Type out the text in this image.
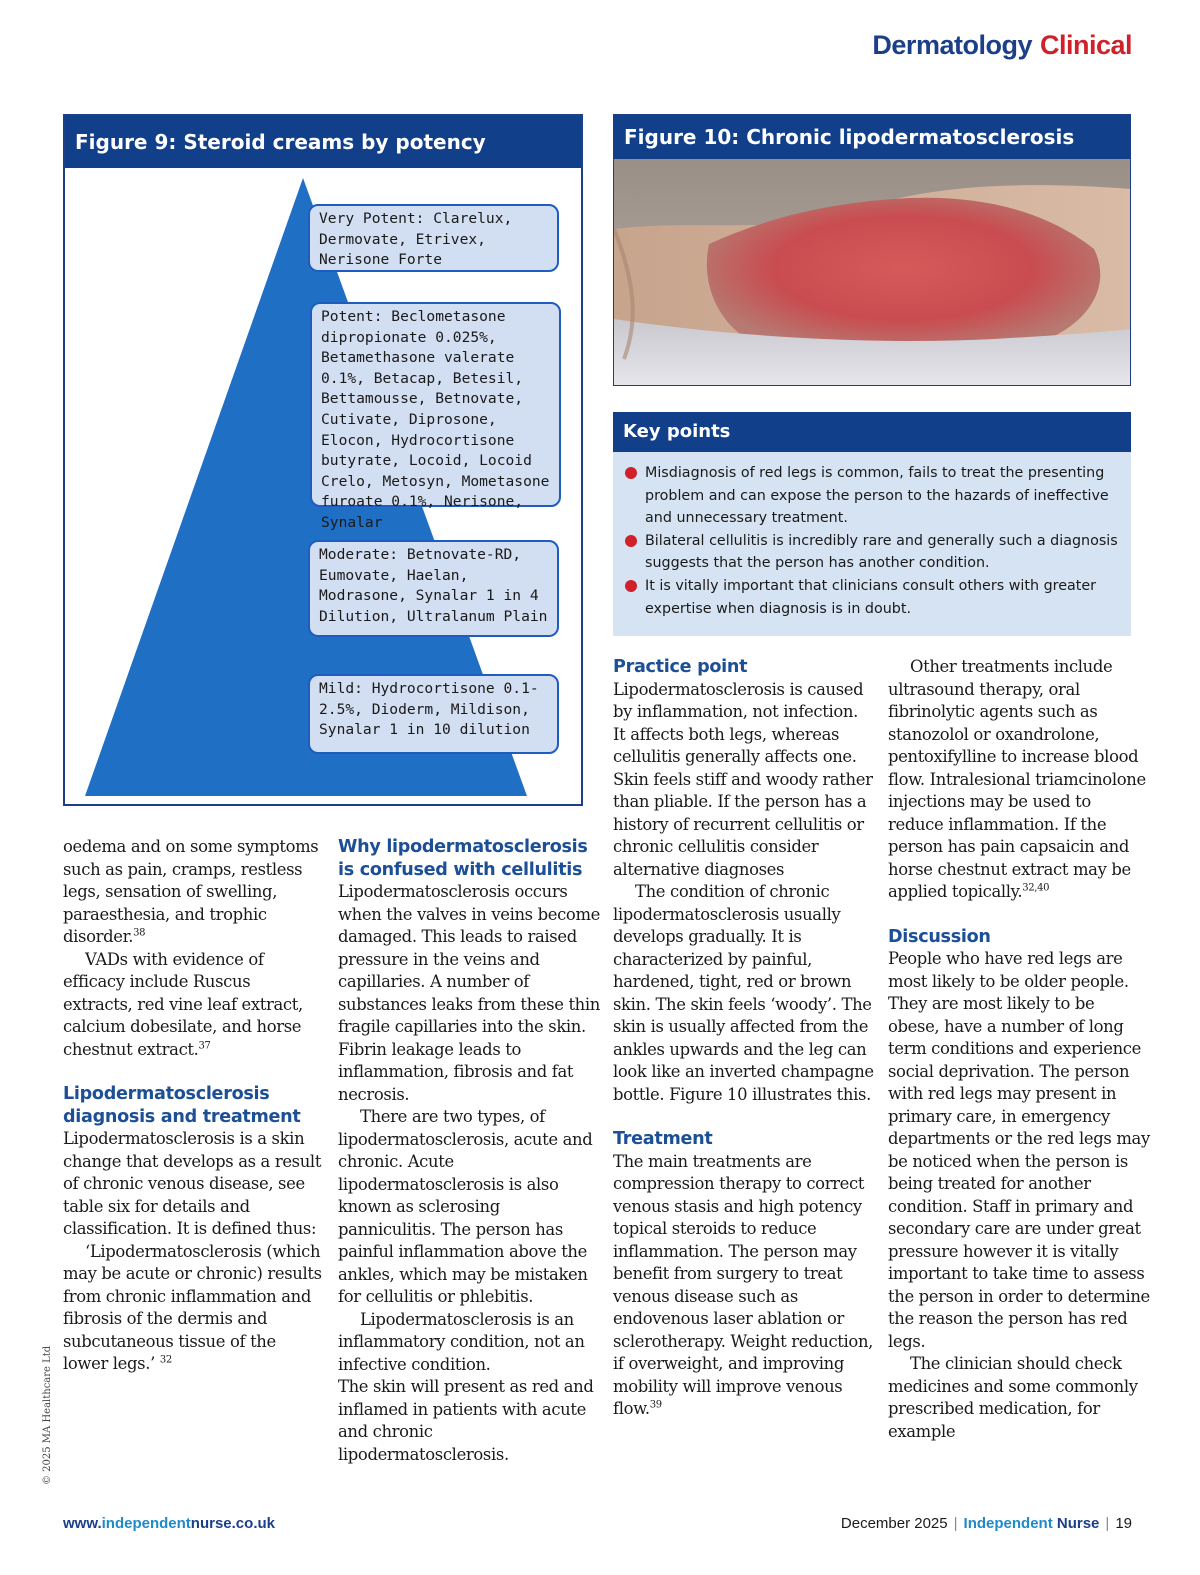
Dermatology Clinical
Figure 9: Steroid creams by potency
Very Potent: Clarelux, Dermovate, Etrivex, Nerisone Forte
Potent: Beclometasone dipropionate 0.025%, Betamethasone valerate 0.1%, Betacap, Betesil, Bettamousse, Betnovate, Cutivate, Diprosone, Elocon, Hydrocortisone butyrate, Locoid, Locoid Crelo, Metosyn, Mometasone furoate 0.1%, Nerisone, Synalar
Moderate: Betnovate-RD, Eumovate, Haelan, Modrasone, Synalar 1 in 4 Dilution, Ultralanum Plain
Mild: Hydrocortisone 0.1-2.5%, Dioderm, Mildison, Synalar 1 in 10 dilution
Figure 10: Chronic lipodermatosclerosis
Key points
Misdiagnosis of red legs is common, fails to treat the presenting problem and can expose the person to the hazards of ineffective and unnecessary treatment.
Bilateral cellulitis is incredibly rare and generally such a diagnosis suggests that the person has another condition.
It is vitally important that clinicians consult others with greater expertise when diagnosis is in doubt.

oedema and on some symptoms such as pain, cramps, restless legs, sensation of swelling, paraesthesia, and trophic disorder.$^{38}$

VADs with evidence of efficacy include Ruscus extracts, red vine leaf extract, calcium dobesilate, and horse chestnut extract.$^{37}$

Lipodermatosclerosis diagnosis and treatment

Lipodermatosclerosis is a skin change that develops as a result of chronic venous disease, see table six for details and classification. It is defined thus:

‘Lipodermatosclerosis (which may be acute or chronic) results from chronic inflammation and fibrosis of the dermis and subcutaneous tissue of the lower legs.’ $^{32}$

Why lipodermatosclerosis is confused with cellulitis

Lipodermatosclerosis occurs when the valves in veins become damaged. This leads to raised pressure in the veins and capillaries. A number of substances leaks from these thin fragile capillaries into the skin. Fibrin leakage leads to inflammation, fibrosis and fat necrosis.

There are two types, of lipodermatosclerosis, acute and chronic. Acute lipodermatosclerosis is also known as sclerosing panniculitis. The person has painful inflammation above the ankles, which may be mistaken for cellulitis or phlebitis.

Lipodermatosclerosis is an inflammatory condition, not an infective condition.

The skin will present as red and inflamed in patients with acute and chronic lipodermatosclerosis.

Practice point

Lipodermatosclerosis is caused by inflammation, not infection. It affects both legs, whereas cellulitis generally affects one. Skin feels stiff and woody rather than pliable. If the person has a history of recurrent cellulitis or chronic cellulitis consider alternative diagnoses

The condition of chronic lipodermatosclerosis usually develops gradually. It is characterized by painful, hardened, tight, red or brown skin. The skin feels ‘woody’. The skin is usually affected from the ankles upwards and the leg can look like an inverted champagne bottle. Figure 10 illustrates this.

Treatment

The main treatments are compression therapy to correct venous stasis and high potency topical steroids to reduce inflammation. The person may benefit from surgery to treat venous disease such as endovenous laser ablation or sclerotherapy. Weight reduction, if overweight, and improving mobility will improve venous flow.$^{39}$

Other treatments include ultrasound therapy, oral fibrinolytic agents such as stanozolol or oxandrolone, pentoxifylline to increase blood flow. Intralesional triamcinolone injections may be used to reduce inflammation. If the person has pain capsaicin and horse chestnut extract may be applied topically.$^{32,40}$

Discussion

People who have red legs are most likely to be older people. They are most likely to be obese, have a number of long term conditions and experience social deprivation. The person with red legs may present in primary care, in emergency departments or the red legs may be noticed when the person is being treated for another condition. Staff in primary and secondary care are under great pressure however it is vitally important to take time to assess the person in order to determine the reason the person has red legs.

The clinician should check medicines and some commonly prescribed medication, for example

© 2025 MA Healthcare Ltd
www.independentnurse.co.uk	December 2025 | Independent Nurse | 19
